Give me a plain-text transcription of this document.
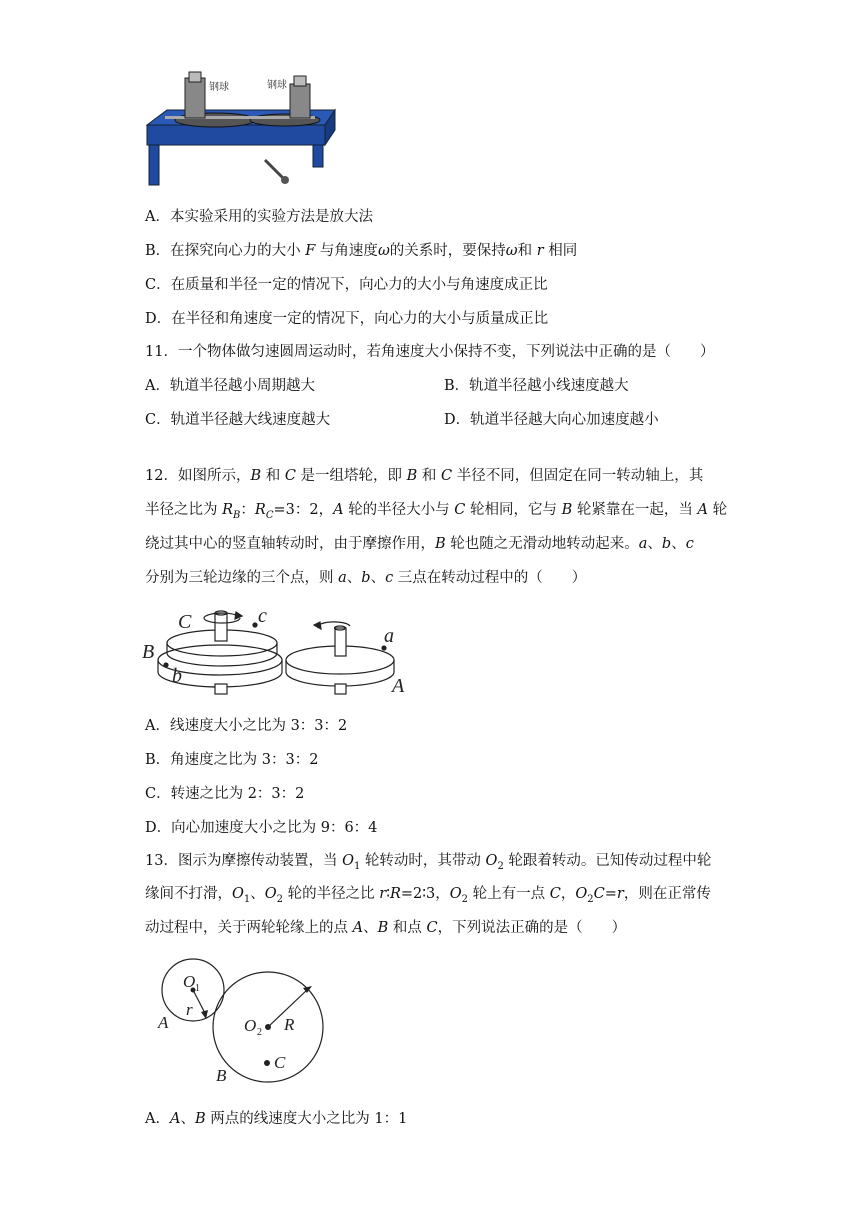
钢球	钢球
A．本实验采用的实验方法是放大法
B．在探究向心力的大小 F 与角速度ω的关系时，要保持ω和 r 相同
C．在质量和半径一定的情况下，向心力的大小与角速度成正比
D．在半径和角速度一定的情况下，向心力的大小与质量成正比
11．一个物体做匀速圆周运动时，若角速度大小保持不变，下列说法中正确的是（　　）
A．轨道半径越小周期越大	B．轨道半径越小线速度越大
C．轨道半径越大线速度越大	D．轨道半径越大向心加速度越小
12．如图所示，B 和 C 是一组塔轮，即 B 和 C 半径不同，但固定在同一转动轴上，其
半径之比为 $R_B$：$R_C=3$：2，A 轮的半径大小与 C 轮相同，它与 B 轮紧靠在一起，当 A 轮
绕过其中心的竖直轴转动时，由于摩擦作用，B 轮也随之无滑动地转动起来。a、b、c
分别为三轮边缘的三个点，则 a、b、c 三点在转动过程中的（　　）
C	c
a
B
b	A
A．线速度大小之比为 3：3：2
B．角速度之比为 3：3：2
C．转速之比为 2：3：2
D．向心加速度大小之比为 9：6：4
13．图示为摩擦传动装置，当 $O_1$ 轮转动时，其带动 $O_2$ 轮跟着转动。已知传动过程中轮
缘间不打滑，$O_1$、$O_2$ 轮的半径之比 r∶R=2∶3，$O_2$ 轮上有一点 C，$O_2C=r$，则在正常传
动过程中，关于两轮轮缘上的点 A、B 和点 C，下列说法正确的是（　　）
O 1
r
A	O 2 R
C
B
A．A、B 两点的线速度大小之比为 1：1
